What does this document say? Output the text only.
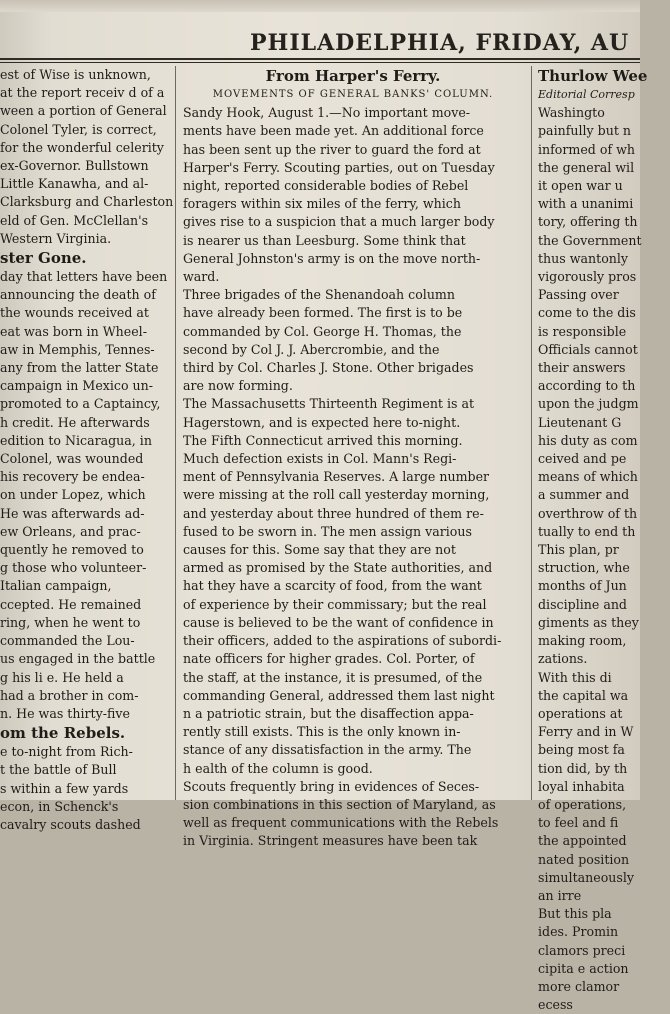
PHILADELPHIA, FRIDAY, AU
est of Wise is unknown,
at the report receiv d of a
ween a portion of General
Colonel Tyler, is correct,
for the wonderful celerity
ex-Governor. Bullstown
Little Kanawha, and al-
Clarksburg and Charleston
eld of Gen. McClellan's
Western Virginia.
ster Gone.
day that letters have been
announcing the death of
the wounds received at
eat was born in Wheel-
aw in Memphis, Tennes-
any from the latter State
campaign in Mexico un-
promoted to a Captaincy,
h credit. He afterwards
edition to Nicaragua, in
Colonel, was wounded
his recovery be endea-
on under Lopez, which
He was afterwards ad-
ew Orleans, and prac-
quently he removed to
g those who volunteer-
Italian campaign,
ccepted. He remained
ring, when he went to
commanded the Lou-
us engaged in the battle
g his li e. He held a
had a brother in com-
n. He was thirty-five
om the Rebels.
e to-night from Rich-
t the battle of Bull
s within a few yards
econ, in Schenck's
cavalry scouts dashed
From Harper's Ferry.
MOVEMENTS OF GENERAL BANKS' COLUMN.
Sandy Hook, August 1.—No important move-
ments have been made yet. An additional force
has been sent up the river to guard the ford at
Harper's Ferry. Scouting parties, out on Tuesday
night, reported considerable bodies of Rebel
foragers within six miles of the ferry, which
gives rise to a suspicion that a much larger body
is nearer us than Leesburg. Some think that
General Johnston's army is on the move north-
ward.
Three brigades of the Shenandoah column
have already been formed. The first is to be
commanded by Col. George H. Thomas, the
second by Col J. J. Abercrombie, and the
third by Col. Charles J. Stone. Other brigades
are now forming.
The Massachusetts Thirteenth Regiment is at
Hagerstown, and is expected here to-night.
The Fifth Connecticut arrived this morning.
Much defection exists in Col. Mann's Regi-
ment of Pennsylvania Reserves. A large number
were missing at the roll call yesterday morning,
and yesterday about three hundred of them re-
fused to be sworn in. The men assign various
causes for this. Some say that they are not
armed as promised by the State authorities, and
hat they have a scarcity of food, from the want
of experience by their commissary; but the real
cause is believed to be the want of confidence in
their officers, added to the aspirations of subordi-
nate officers for higher grades. Col. Porter, of
the staff, at the instance, it is presumed, of the
commanding General, addressed them last night
n a patriotic strain, but the disaffection appa-
rently still exists. This is the only known in-
stance of any dissatisfaction in the army. The
h ealth of the column is good.
Scouts frequently bring in evidences of Seces-
sion combinations in this section of Maryland, as
well as frequent communications with the Rebels
in Virginia. Stringent measures have been tak
Thurlow Wee
Editorial Corresp
Washingto
painfully but n
informed of wh
the general wil
it open war u
with a unanimi
tory, offering th
the Government
thus wantonly
vigorously pros
Passing over
come to the dis
is responsible
Officials cannot
their answers
according to th
upon the judgm
Lieutenant G
his duty as com
ceived and pe
means of which
a summer and
overthrow of th
tually to end th
This plan, pr
struction, whe
months of Jun
discipline and
giments as they
making room,
zations.
With this di
the capital wa
operations at
Ferry and in W
being most fa
tion did, by th
loyal inhabita
of operations,
to feel and fi
the appointed
nated position
simultaneously
an irre
But this pla
ides. Promin
clamors preci
cipita e action
more clamor
ecess
